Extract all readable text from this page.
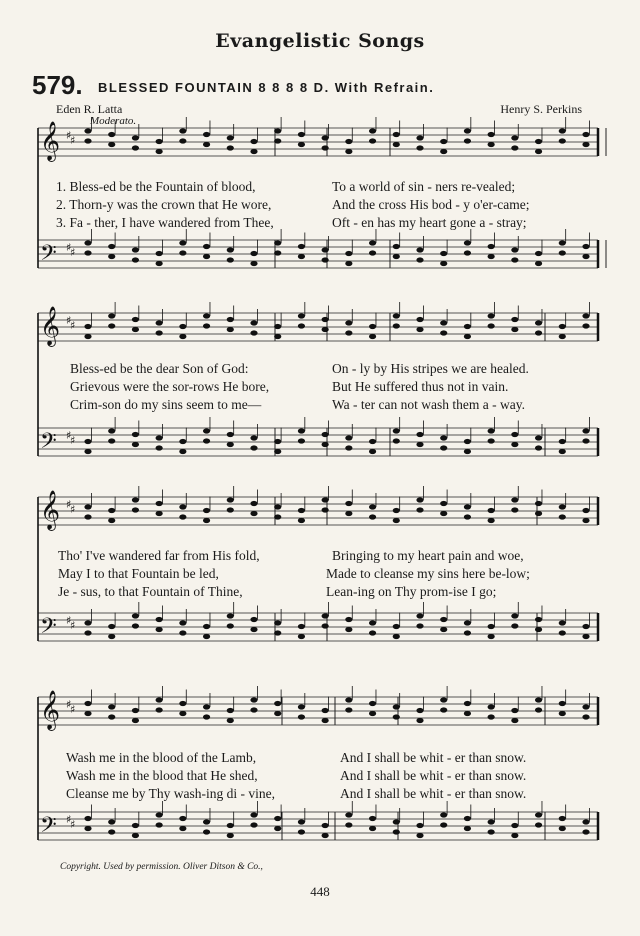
𝄞 ♯
♯
𝄢 ♯
♯
𝄞 ♯
♯
𝄢 ♯
♯
𝄞 ♯
♯
𝄢 ♯
♯
𝄞 ♯
♯
𝄢 ♯
♯
Evangelistic Songs
579. BLESSED FOUNTAIN 8 8 8 8 D. With Refrain.
Eden R. Latta	Henry S. Perkins
Moderato.
1. Bless-ed be the Fountain of blood,	To a world of sin - ners re-vealed;
2. Thorn-y was the crown that He wore,	And the cross His bod - y o'er-came;
3. Fa - ther, I have wandered from Thee,	Oft - en has my heart gone a - stray;
Bless-ed be the dear Son of God:	On - ly by His stripes we are healed.
Grievous were the sor-rows He bore,	But He suffered thus not in vain.
Crim-son do my sins seem to me—	Wa - ter can not wash them a - way.
Tho' I've wandered far from His fold,	Bringing to my heart pain and woe,
May I to that Fountain be led,	Made to cleanse my sins here be-low;
Je - sus, to that Fountain of Thine,	Lean-ing on Thy prom-ise I go;
Wash me in the blood of the Lamb,	And I shall be whit - er than snow.
Wash me in the blood that He shed,	And I shall be whit - er than snow.
Cleanse me by Thy wash-ing di - vine,	And I shall be whit - er than snow.
Copyright. Used by permission. Oliver Ditson & Co.,
448
